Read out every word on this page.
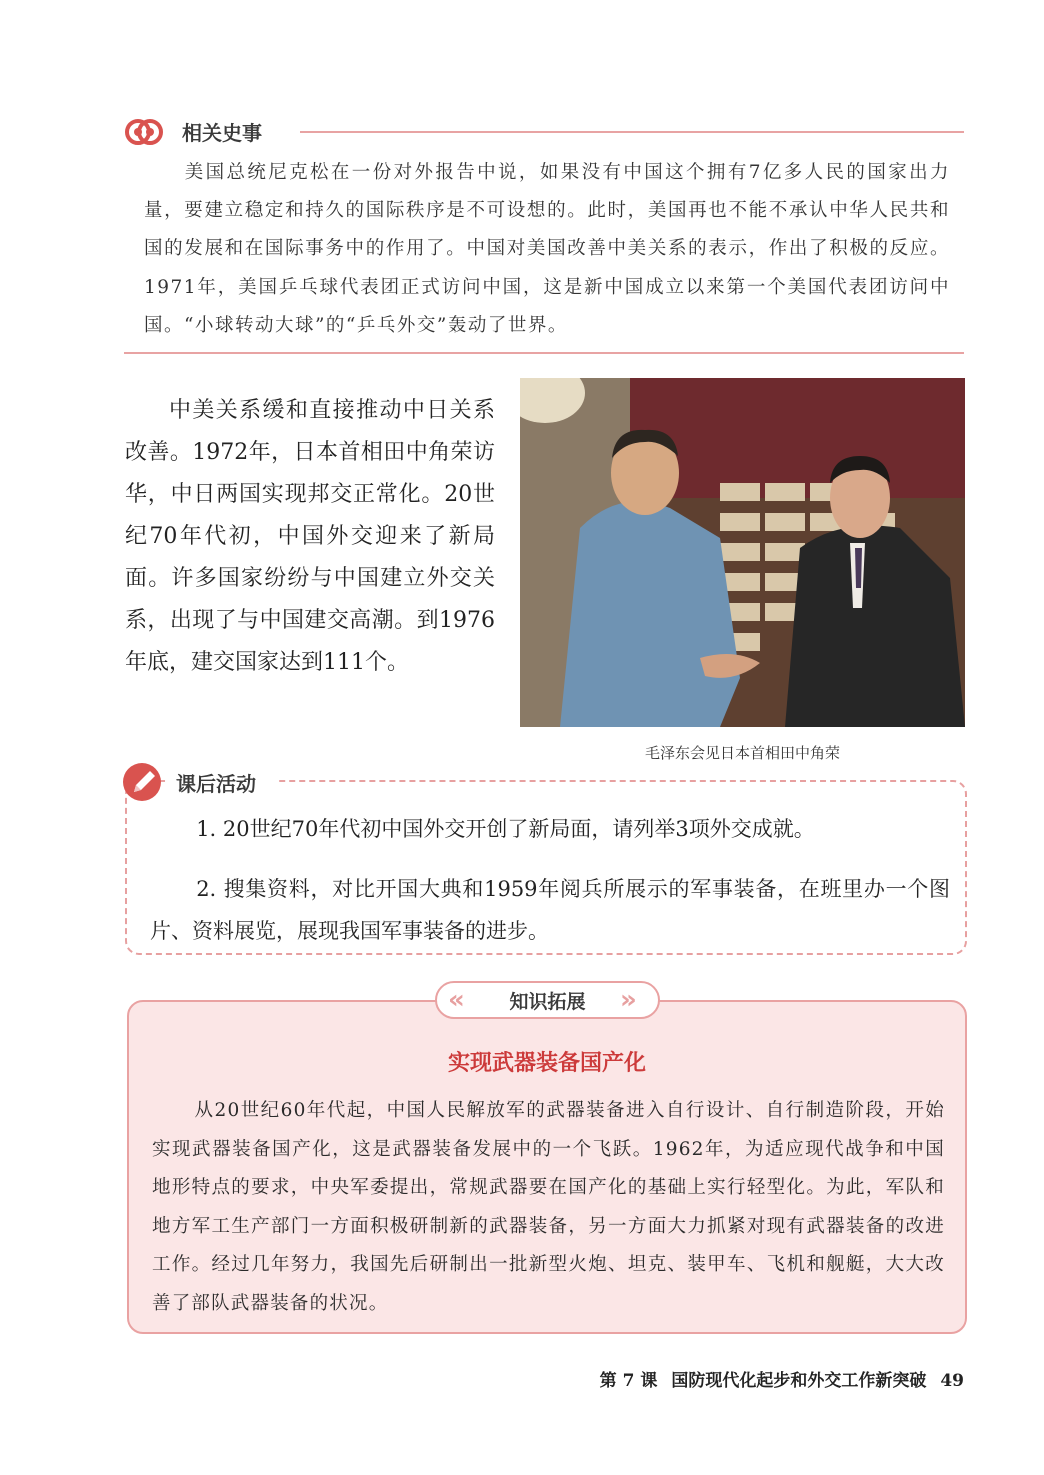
相关史事

美国总统尼克松在一份对外报告中说，如果没有中国这个拥有7亿多人民的国家出力量，要建立稳定和持久的国际秩序是不可设想的。此时，美国再也不能不承认中华人民共和国的发展和在国际事务中的作用了。中国对美国改善中美关系的表示，作出了积极的反应。1971年，美国乒乓球代表团正式访问中国，这是新中国成立以来第一个美国代表团访问中国。“小球转动大球”的“乒乓外交”轰动了世界。

中美关系缓和直接推动中日关系改善。1972年，日本首相田中角荣访华，中日两国实现邦交正常化。20世纪70年代初，中国外交迎来了新局面。许多国家纷纷与中国建立外交关系，出现了与中国建交高潮。到1976年底，建交国家达到111个。

毛泽东会见日本首相田中角荣
课后活动

1. 20世纪70年代初中国外交开创了新局面，请列举3项外交成就。

2. 搜集资料，对比开国大典和1959年阅兵所展示的军事装备，在班里办一个图片、资料展览，展现我国军事装备的进步。

«	知识拓展	»
实现武器装备国产化

从20世纪60年代起，中国人民解放军的武器装备进入自行设计、自行制造阶段，开始实现武器装备国产化，这是武器装备发展中的一个飞跃。1962年，为适应现代战争和中国地形特点的要求，中央军委提出，常规武器要在国产化的基础上实行轻型化。为此，军队和地方军工生产部门一方面积极研制新的武器装备，另一方面大力抓紧对现有武器装备的改进工作。经过几年努力，我国先后研制出一批新型火炮、坦克、装甲车、飞机和舰艇，大大改善了部队武器装备的状况。

第 7 课 国防现代化起步和外交工作新突破 49
